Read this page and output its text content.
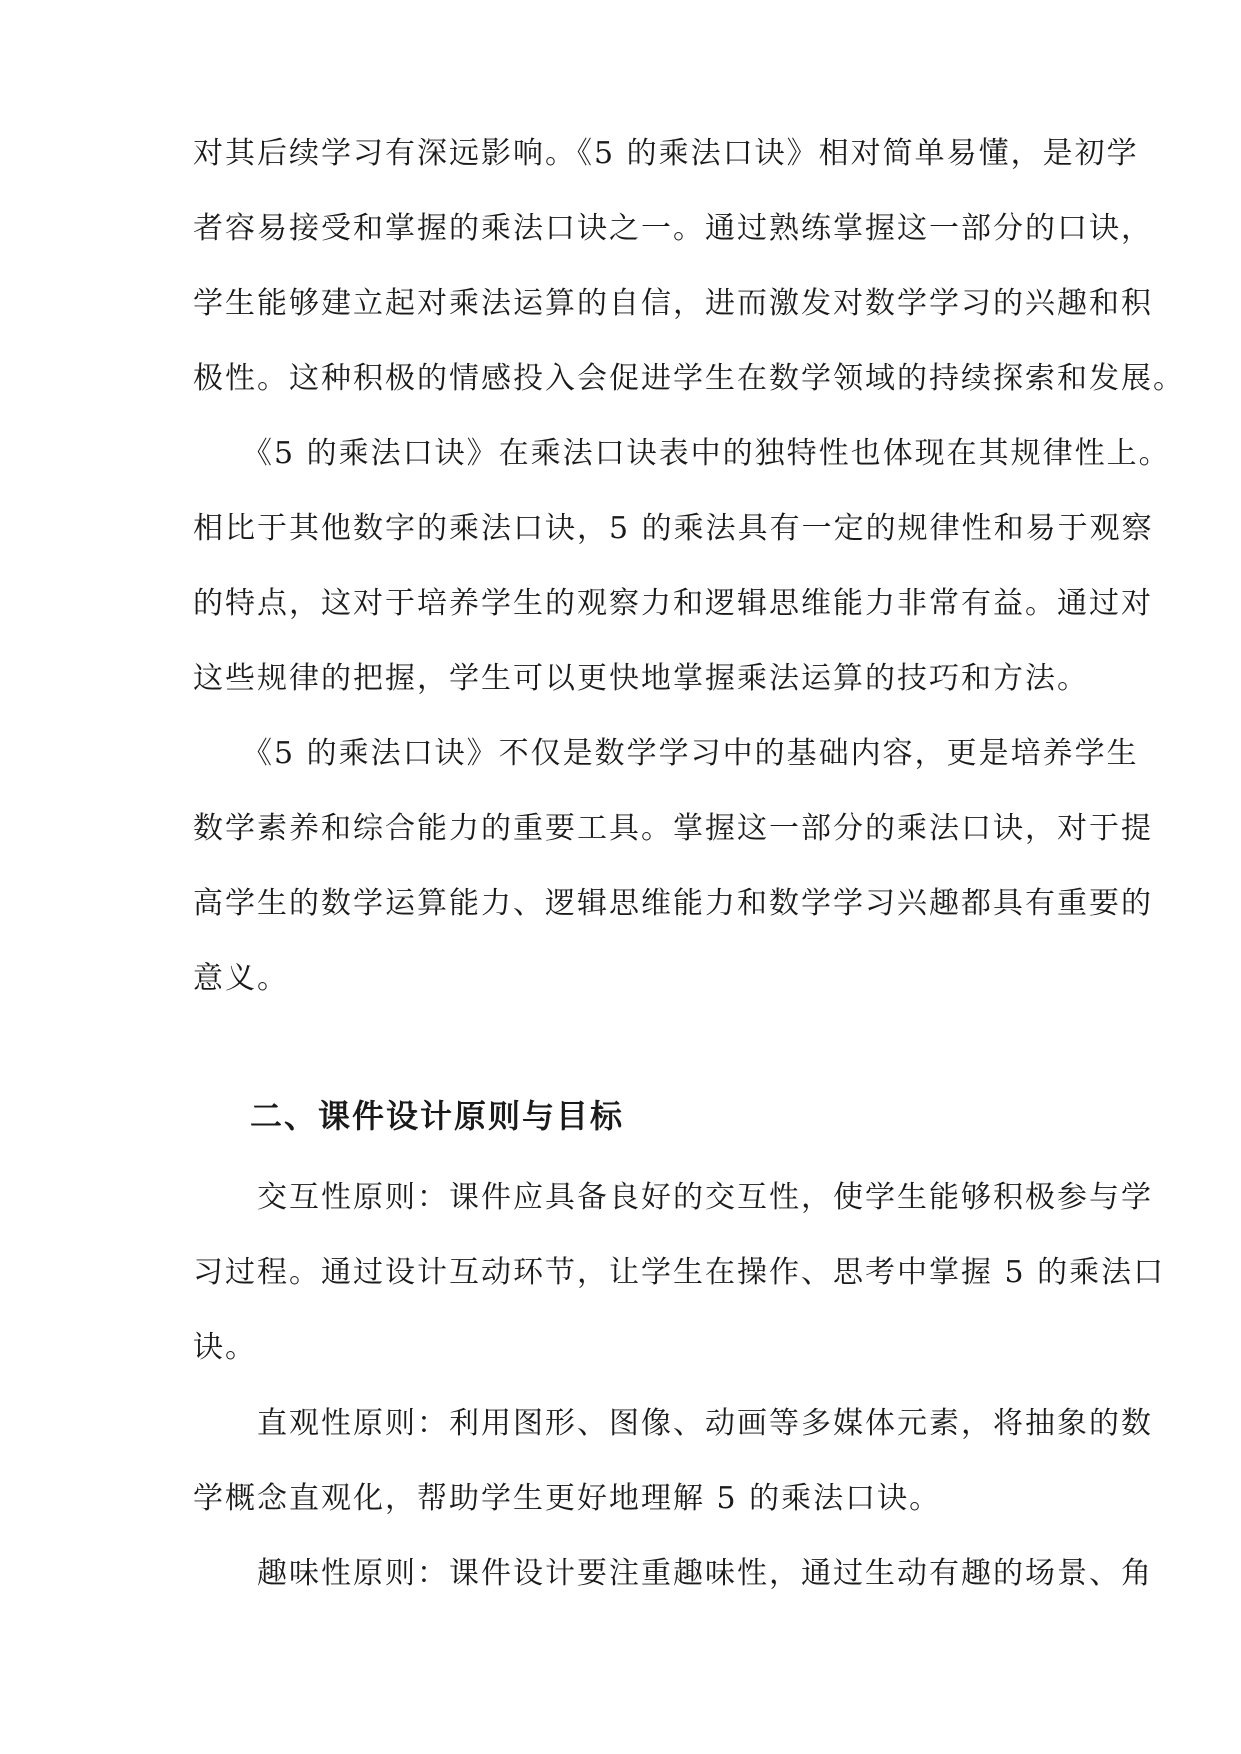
对其后续学习有深远影响。《5 的乘法口诀》相对简单易懂，是初学
者容易接受和掌握的乘法口诀之一。通过熟练掌握这一部分的口诀，
学生能够建立起对乘法运算的自信，进而激发对数学学习的兴趣和积
极性。这种积极的情感投入会促进学生在数学领域的持续探索和发展。
　　《5 的乘法口诀》在乘法口诀表中的独特性也体现在其规律性上。
相比于其他数字的乘法口诀，5 的乘法具有一定的规律性和易于观察
的特点，这对于培养学生的观察力和逻辑思维能力非常有益。通过对
这些规律的把握，学生可以更快地掌握乘法运算的技巧和方法。
　　《5 的乘法口诀》不仅是数学学习中的基础内容，更是培养学生
数学素养和综合能力的重要工具。掌握这一部分的乘法口诀，对于提
高学生的数学运算能力、逻辑思维能力和数学学习兴趣都具有重要的
意义。
二、课件设计原则与目标
　　交互性原则：课件应具备良好的交互性，使学生能够积极参与学
习过程。通过设计互动环节，让学生在操作、思考中掌握 5 的乘法口
诀。
　　直观性原则：利用图形、图像、动画等多媒体元素，将抽象的数
学概念直观化，帮助学生更好地理解 5 的乘法口诀。
　　趣味性原则：课件设计要注重趣味性，通过生动有趣的场景、角
